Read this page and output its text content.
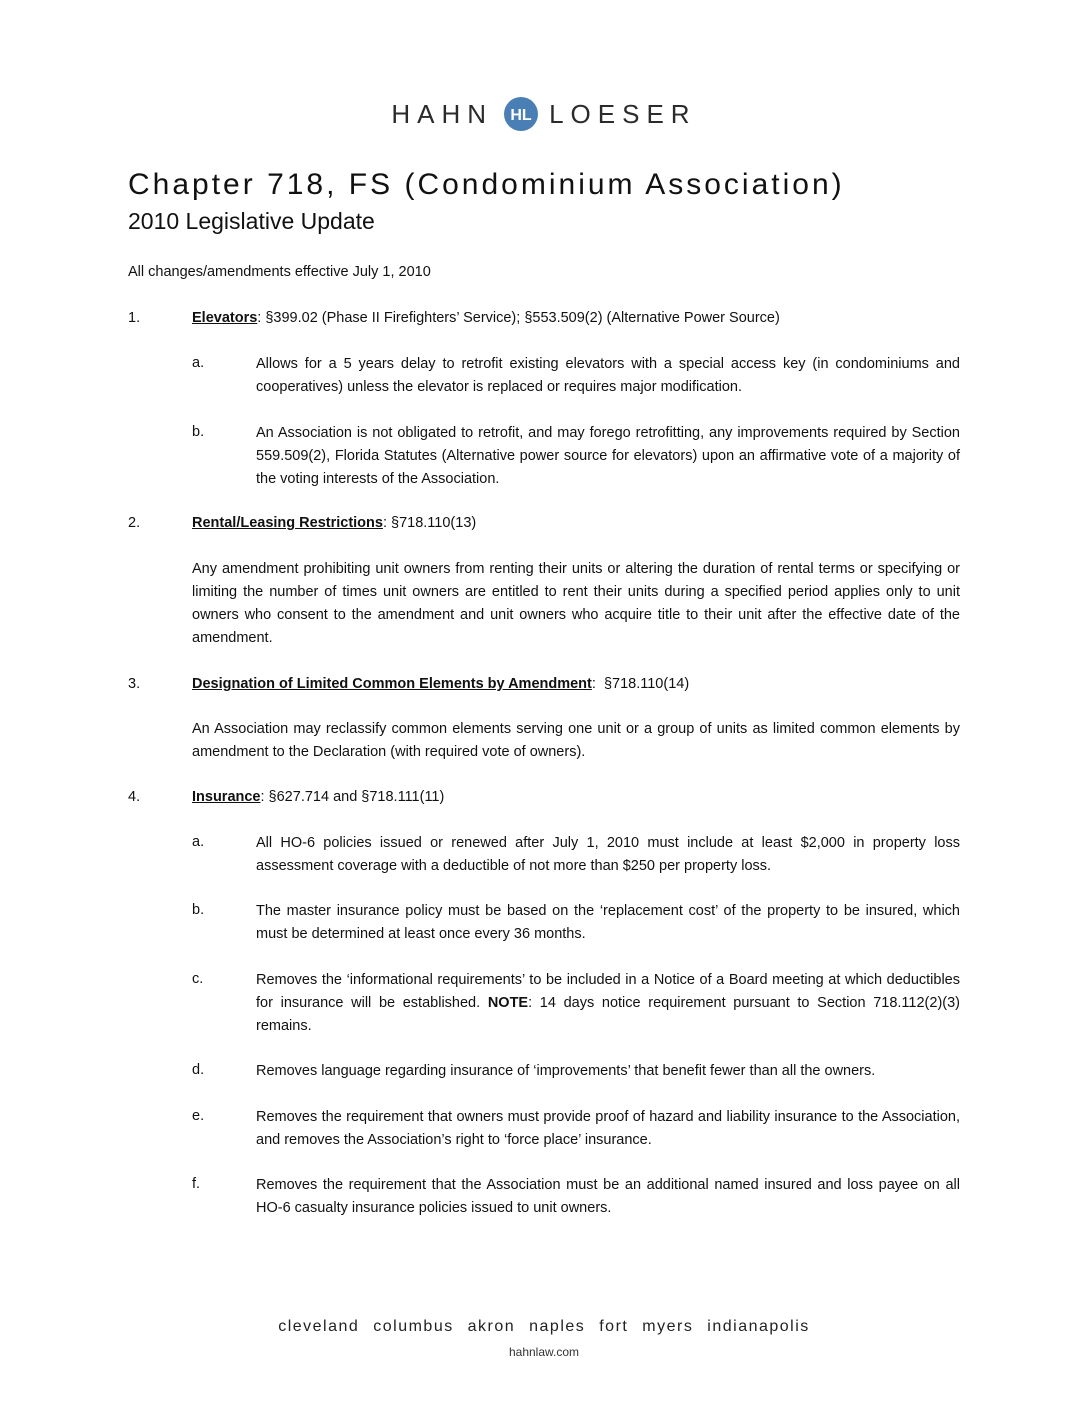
HAHN HL LOESER
Chapter 718, FS (Condominium Association)
2010 Legislative Update
All changes/amendments effective July 1, 2010
1.	Elevators: §399.02 (Phase II Firefighters’ Service); §553.509(2) (Alternative Power Source)
a.	Allows for a 5 years delay to retrofit existing elevators with a special access key (in condominiums and cooperatives) unless the elevator is replaced or requires major modification.
b.	An Association is not obligated to retrofit, and may forego retrofitting, any improvements required by Section 559.509(2), Florida Statutes (Alternative power source for elevators) upon an affirmative vote of a majority of the voting interests of the Association.
2.	Rental/Leasing Restrictions: §718.110(13)
Any amendment prohibiting unit owners from renting their units or altering the duration of rental terms or specifying or limiting the number of times unit owners are entitled to rent their units during a specified period applies only to unit owners who consent to the amendment and unit owners who acquire title to their unit after the effective date of the amendment.
3.	Designation of Limited Common Elements by Amendment:  §718.110(14)
An Association may reclassify common elements serving one unit or a group of units as limited common elements by amendment to the Declaration (with required vote of owners).
4.	Insurance: §627.714 and §718.111(11)
a.	All HO-6 policies issued or renewed after July 1, 2010 must include at least $2,000 in property loss assessment coverage with a deductible of not more than $250 per property loss.
b.	The master insurance policy must be based on the ‘replacement cost’ of the property to be insured, which must be determined at least once every 36 months.
c.	Removes the ‘informational requirements’ to be included in a Notice of a Board meeting at which deductibles for insurance will be established. NOTE: 14 days notice requirement pursuant to Section 718.112(2)(3) remains.
d.	Removes language regarding insurance of ‘improvements’ that benefit fewer than all the owners.
e.	Removes the requirement that owners must provide proof of hazard and liability insurance to the Association, and removes the Association’s right to ‘force place’ insurance.
f.	Removes the requirement that the Association must be an additional named insured and loss payee on all HO-6 casualty insurance policies issued to unit owners.
cleveland columbus akron naples fort myers indianapolis
hahnlaw.com
